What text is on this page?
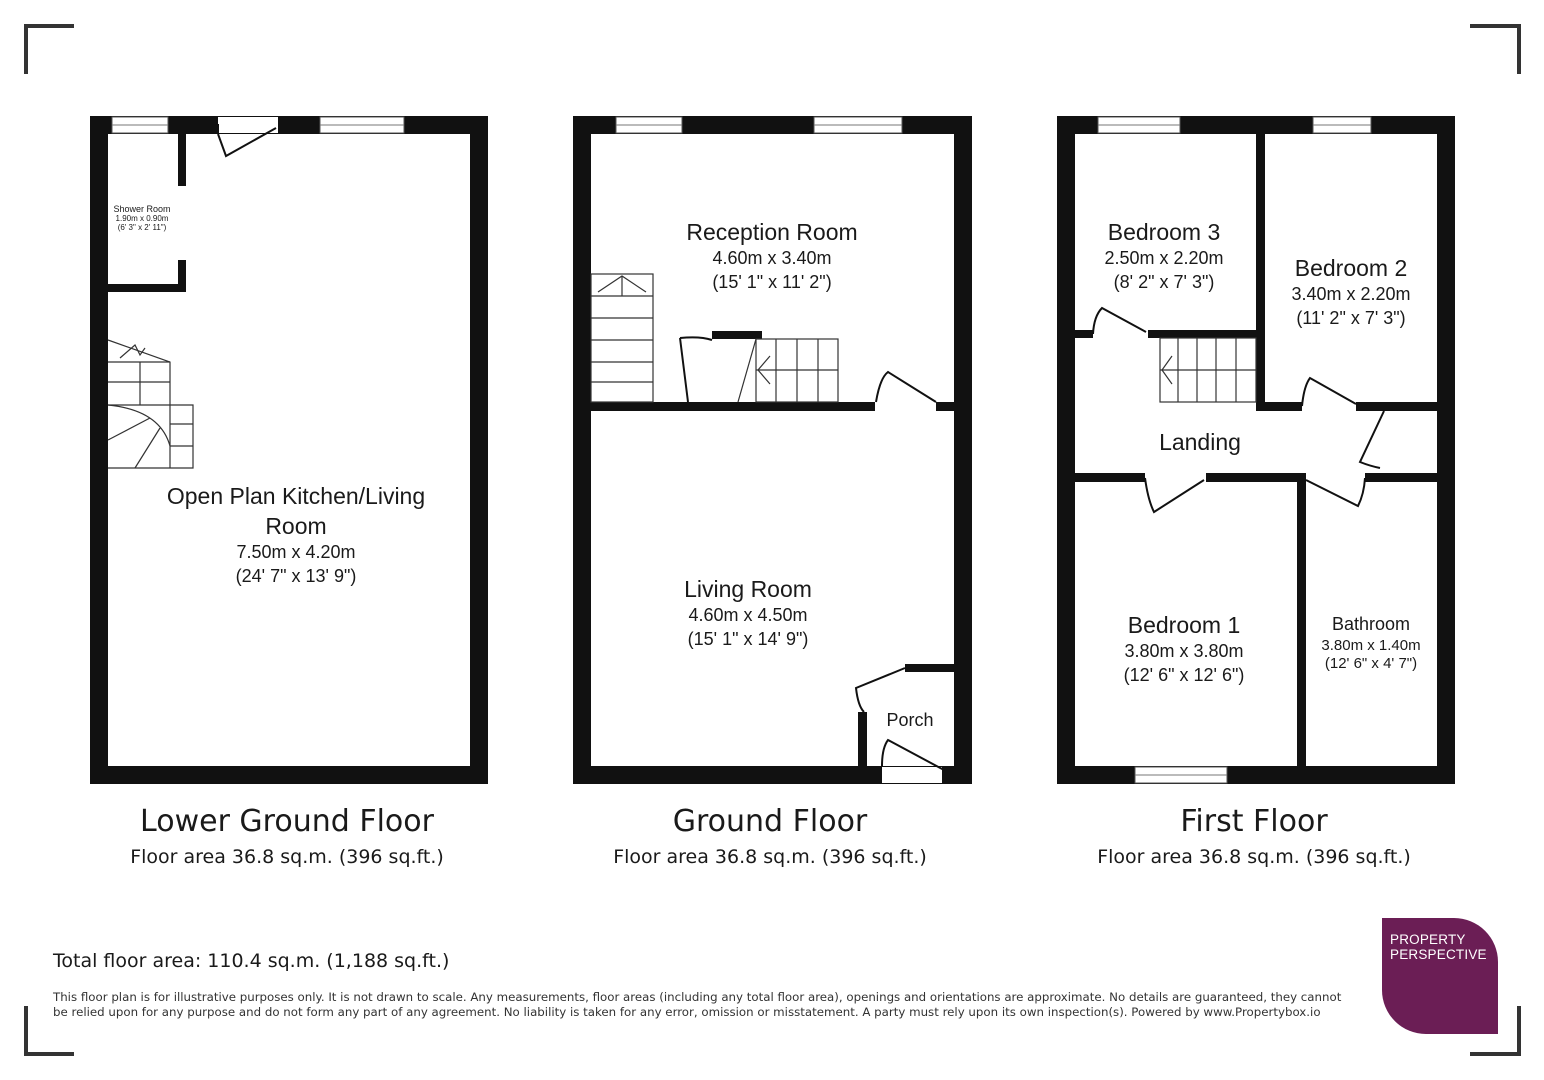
Shower Room
1.90m x 0.90m
(6' 3" x 2' 11")
Open Plan Kitchen/Living
Room
7.50m x 4.20m
(24' 7" x 13' 9")
Reception Room
4.60m x 3.40m
(15' 1" x 11' 2")
Living Room
4.60m x 4.50m
(15' 1" x 14' 9")
Porch
Bedroom 3
2.50m x 2.20m
(8' 2" x 7' 3")
Bedroom 2
3.40m x 2.20m
(11' 2" x 7' 3")
Landing
Bedroom 1
3.80m x 3.80m
(12' 6" x 12' 6")
Bathroom
3.80m x 1.40m
(12' 6" x 4' 7")
Lower Ground Floor
Floor area 36.8 sq.m. (396 sq.ft.)
Ground Floor
Floor area 36.8 sq.m. (396 sq.ft.)
First Floor
Floor area 36.8 sq.m. (396 sq.ft.)
Total floor area: 110.4 sq.m. (1,188 sq.ft.)
This floor plan is for illustrative purposes only. It is not drawn to scale. Any measurements, floor areas (including any total floor area), openings and orientations are approximate. No details are guaranteed, they cannot be relied upon for any purpose and do not form any part of any agreement. No liability is taken for any error, omission or misstatement. A party must rely upon its own inspection(s). Powered by www.Propertybox.io
PROPERTY
PERSPECTIVE
